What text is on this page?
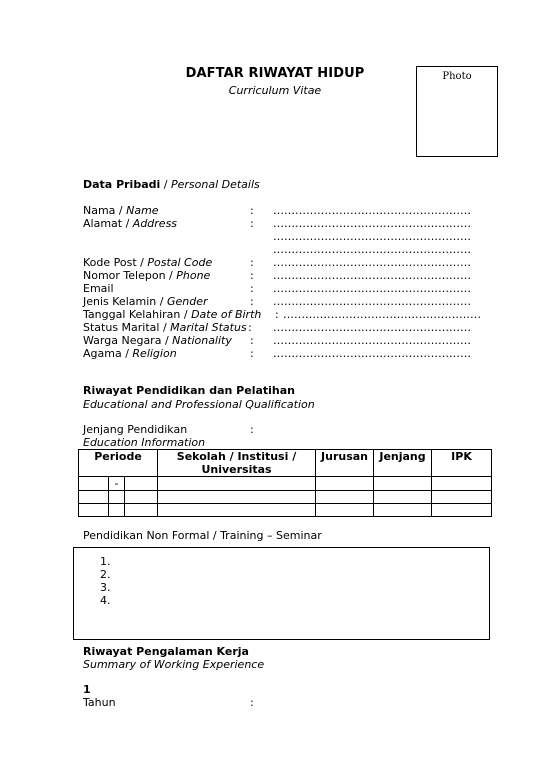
DAFTAR RIWAYAT HIDUP
Curriculum Vitae
Photo
Data Pribadi / Personal Details
Nama / Name	: ………………………………………………
Alamat / Address	: ………………………………………………
………………………………………………
………………………………………………
Kode Post / Postal Code	: ………………………………………………
Nomor Telepon / Phone	: ………………………………………………
Email	: ………………………………………………
Jenis Kelamin / Gender	: ………………………………………………
Tanggal Kelahiran / Date of Birth : ………………………………………………
Status Marital / Marital Status : ………………………………………………
Warga Negara / Nationality : ………………………………………………
Agama / Religion	: ………………………………………………
Riwayat Pendidikan dan Pelatihan
Educational and Professional Qualification
Jenjang Pendidikan	:
Education Information
Periode			Sekolah / Institusi / Universitas	Jurusan	Jenjang	IPK
	-					

Pendidikan Non Formal / Training – Seminar
1.
2.
3.
4.
Riwayat Pengalaman Kerja
Summary of Working Experience
1
Tahun	:
